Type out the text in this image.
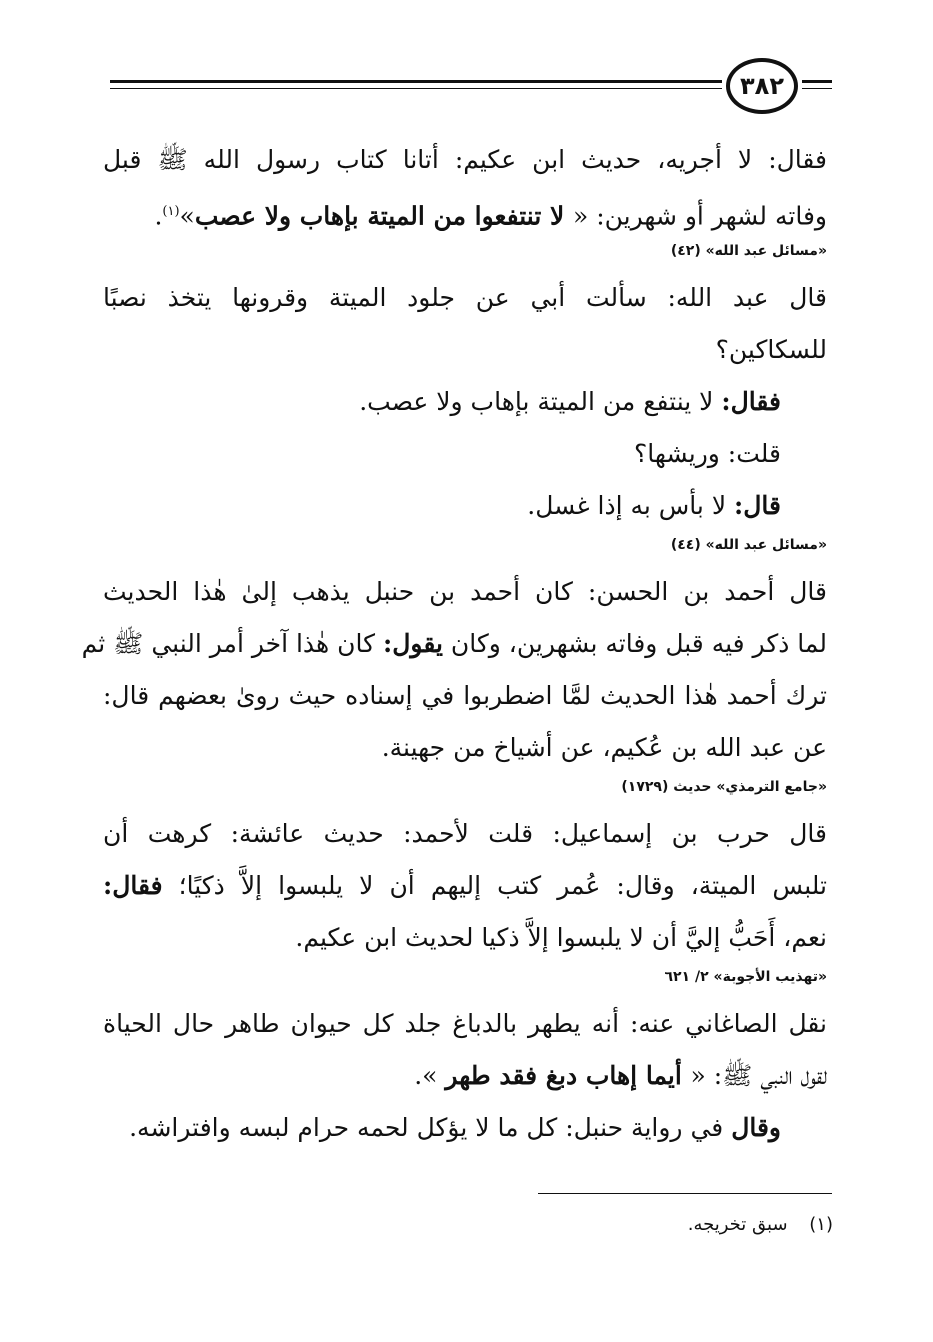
٣٨٢
فقال: لا أجريه، حديث ابن عكيم: أتانا كتاب رسول الله ﷺ قبل
وفاته لشهر أو شهرين: « لا تنتفعوا من الميتة بإهاب ولا عصب»$^{(١)}$.
«مسائل عبد الله» (٤٢)
قال عبد الله: سألت أبي عن جلود الميتة وقرونها يتخذ نصبًا
للسكاكين؟
فقال: لا ينتفع من الميتة بإهاب ولا عصب.
قلت: وريشها؟
قال: لا بأس به إذا غسل.
«مسائل عبد الله» (٤٤)
قال أحمد بن الحسن: كان أحمد بن حنبل يذهب إلىٰ هٰذا الحديث
لما ذكر فيه قبل وفاته بشهرين، وكان يقول: كان هٰذا آخر أمر النبي ﷺ ثم
ترك أحمد هٰذا الحديث لمَّا اضطربوا في إسناده حيث روىٰ بعضهم قال:
عن عبد الله بن عُكيم، عن أشياخ من جهينة.
«جامع الترمذي» حديث (١٧٢٩)
قال حرب بن إسماعيل: قلت لأحمد: حديث عائشة: كرهت أن
تلبس الميتة، وقال: عُمر كتب إليهم أن لا يلبسوا إلاَّ ذكيًا؛ فقال:
نعم، أَحَبُّ إليَّ أن لا يلبسوا إلاَّ ذكيا لحديث ابن عكيم.
«تهذيب الأجوبة» ٢/ ٦٢١
نقل الصاغاني عنه: أنه يطهر بالدباغ جلد كل حيوان طاهر حال الحياة
لقول النبي ﷺ: « أيما إهاب دبغ فقد طهر ».
وقال في رواية حنبل: كل ما لا يؤكل لحمه حرام لبسه وافتراشه.
(١) سبق تخريجه.
